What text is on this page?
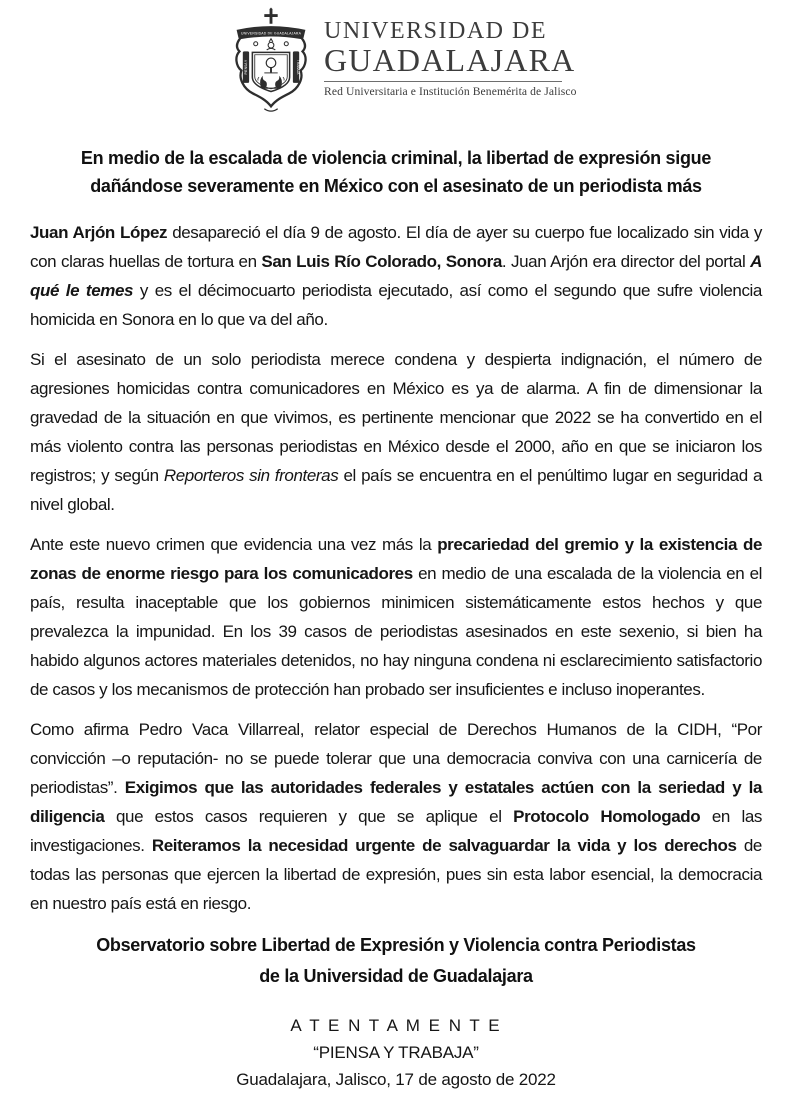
UNIVERSIDAD DE GUADALAJARA
PIENSA Y	TRABAJA
UNIVERSIDAD DE
GUADALAJARA
Red Universitaria e Institución Benemérita de Jalisco
En medio de la escalada de violencia criminal, la libertad de expresión sigue dañándose severamente en México con el asesinato de un periodista más

Juan Arjón López desapareció el día 9 de agosto. El día de ayer su cuerpo fue localizado sin vida y con claras huellas de tortura en San Luis Río Colorado, Sonora. Juan Arjón era director del portal A qué le temes y es el décimocuarto periodista ejecutado, así como el segundo que sufre violencia homicida en Sonora en lo que va del año.

Si el asesinato de un solo periodista merece condena y despierta indignación, el número de agresiones homicidas contra comunicadores en México es ya de alarma. A fin de dimensionar la gravedad de la situación en que vivimos, es pertinente mencionar que 2022 se ha convertido en el más violento contra las personas periodistas en México desde el 2000, año en que se iniciaron los registros; y según Reporteros sin fronteras el país se encuentra en el penúltimo lugar en seguridad a nivel global.

Ante este nuevo crimen que evidencia una vez más la precariedad del gremio y la existencia de zonas de enorme riesgo para los comunicadores en medio de una escalada de la violencia en el país, resulta inaceptable que los gobiernos minimicen sistemáticamente estos hechos y que prevalezca la impunidad. En los 39 casos de periodistas asesinados en este sexenio, si bien ha habido algunos actores materiales detenidos, no hay ninguna condena ni esclarecimiento satisfactorio de casos y los mecanismos de protección han probado ser insuficientes e incluso inoperantes.

Como afirma Pedro Vaca Villarreal, relator especial de Derechos Humanos de la CIDH, “Por convicción –o reputación- no se puede tolerar que una democracia conviva con una carnicería de periodistas”. Exigimos que las autoridades federales y estatales actúen con la seriedad y la diligencia que estos casos requieren y que se aplique el Protocolo Homologado en las investigaciones. Reiteramos la necesidad urgente de salvaguardar la vida y los derechos de todas las personas que ejercen la libertad de expresión, pues sin esta labor esencial, la democracia en nuestro país está en riesgo.

Observatorio sobre Libertad de Expresión y Violencia contra Periodistas
de la Universidad de Guadalajara
A T E N T A M E N T E
“PIENSA Y TRABAJA”
Guadalajara, Jalisco, 17 de agosto de 2022
